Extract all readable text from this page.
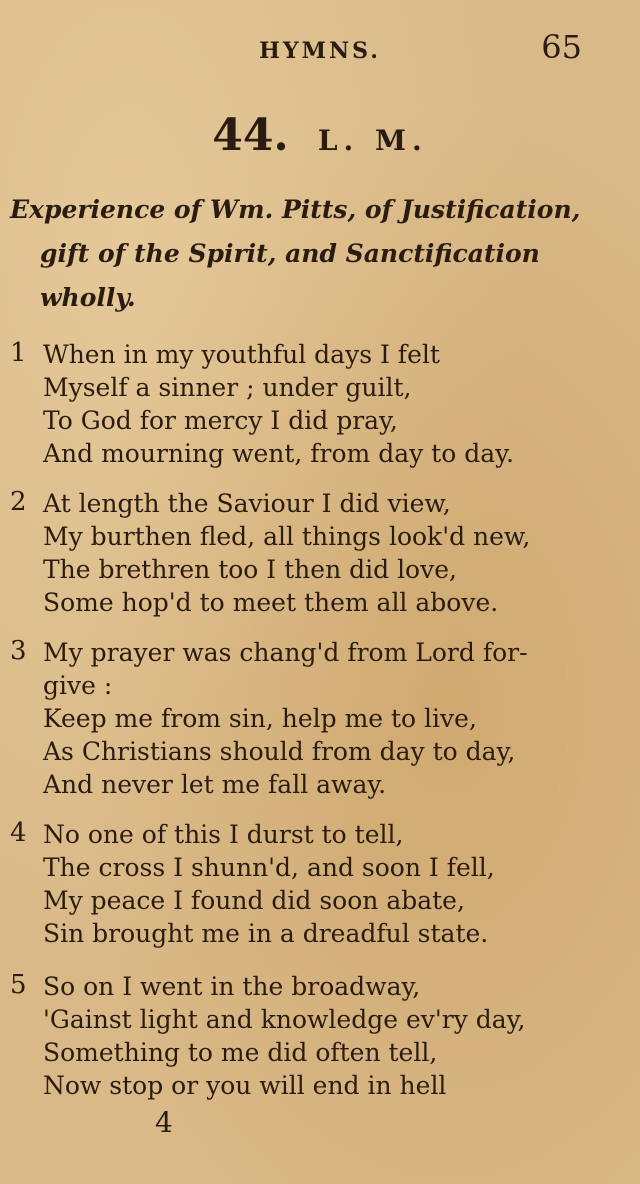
HYMNS.	65
44. L. M.
Experience of Wm. Pitts, of Justification,
gift of the Spirit, and Sanctification
wholly.
1 When in my youthful days I felt
Myself a sinner ; under guilt,
To God for mercy I did pray,
And mourning went, from day to day.
2 At length the Saviour I did view,
My burthen fled, all things look'd new,
The brethren too I then did love,
Some hop'd to meet them all above.
3 My prayer was chang'd from Lord for-
give :
Keep me from sin, help me to live,
As Christians should from day to day,
And never let me fall away.
4 No one of this I durst to tell,
The cross I shunn'd, and soon I fell,
My peace I found did soon abate,
Sin brought me in a dreadful state.
5 So on I went in the broadway,
'Gainst light and knowledge ev'ry day,
Something to me did often tell,
Now stop or you will end in hell
4
